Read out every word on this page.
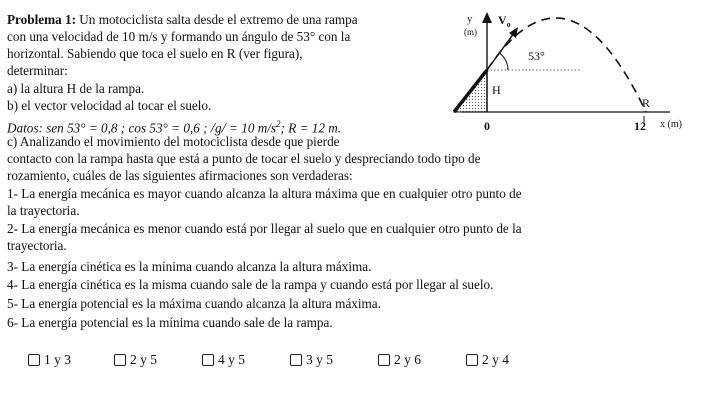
Problema 1: Un motociclista salta desde el extremo de una rampa
con una velocidad de 10 m/s y formando un ángulo de 53° con la
horizontal. Sabiendo que toca el suelo en R (ver figura),
determinar:
a) la altura H de la rampa.
b) el vector velocidad al tocar el suelo.
Datos: sen 53° = 0,8 ; cos 53° = 0,6 ; /g/ = 10 $m/s^2$; R = 12 m.
c) Analizando el movimiento del motociclista desde que pierde
contacto con la rampa hasta que está a punto de tocar el suelo y despreciando todo tipo de
rozamiento, cuáles de las siguientes afirmaciones son verdaderas:
1- La energía mecánica es mayor cuando alcanza la altura máxima que en cualquier otro punto de
la trayectoria.
2- La energía mecánica es menor cuando está por llegar al suelo que en cualquier otro punto de la
trayectoria.
3- La energía cinética es la mínima cuando alcanza la altura máxima.
4- La energía cinética es la misma cuando sale de la rampa y cuando está por llegar al suelo.
5- La energía potencial es la máxima cuando alcanza la altura máxima.
6- La energía potencial es la mínima cuando sale de la rampa.
y
(m)
H
$V_o$
53°
R
0	12 x (m)
1 y 3	2 y 5	4 y 5	3 y 5	2 y 6	2 y 4
